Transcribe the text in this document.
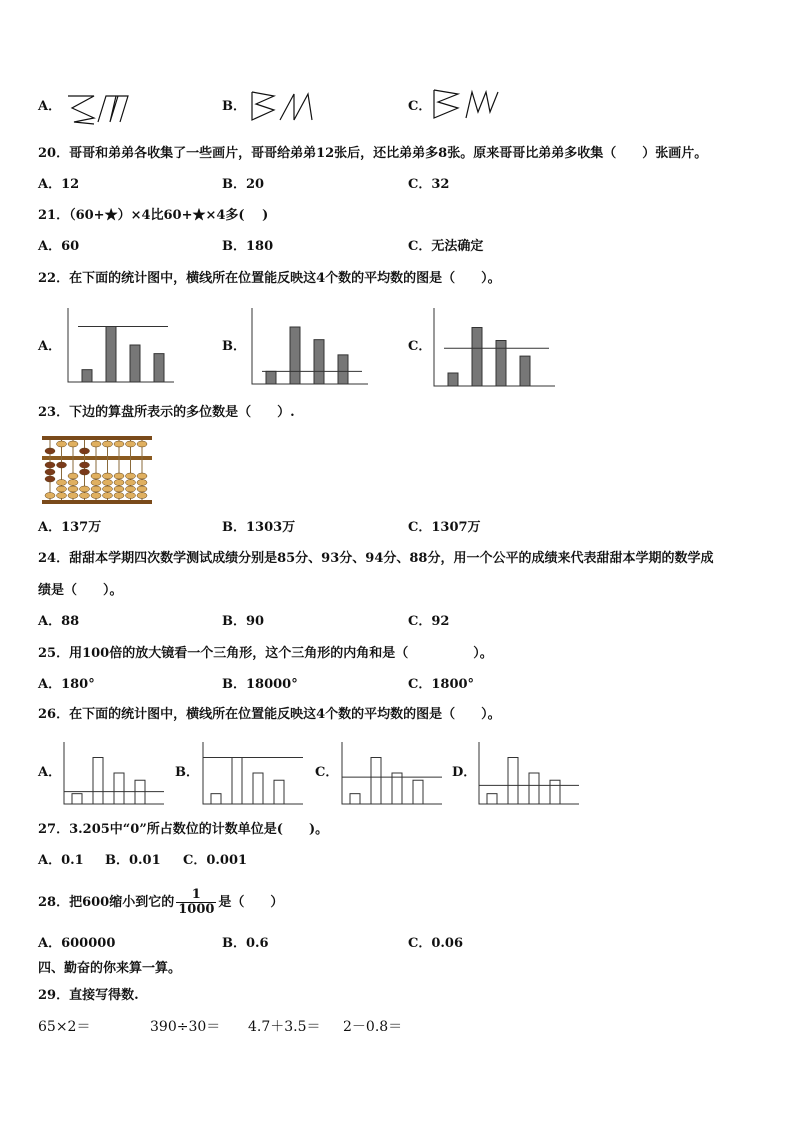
A．	B．	C．
20．哥哥和弟弟各收集了一些画片，哥哥给弟弟12张后，还比弟弟多8张。原来哥哥比弟弟多收集（　　）张画片。
A．12	B．20	C．32
21．（60+★）×4比60+★×4多(　 )
A．60	B．180	C．无法确定
22．在下面的统计图中，横线所在位置能反映这4个数的平均数的图是（　　）。
A．	B．	C．
23．下边的算盘所表示的多位数是（　　）.
A．137万	B．1303万	C．1307万
24．甜甜本学期四次数学测试成绩分别是85分、93分、94分、88分，用一个公平的成绩来代表甜甜本学期的数学成
绩是（　　）。
A．88	B．90	C．92
25．用100倍的放大镜看一个三角形，这个三角形的内角和是（　　　　　）。
A．180°	B．18000°	C．1800°
26．在下面的统计图中，横线所在位置能反映这4个数的平均数的图是（　　）。
A．	B．	C．	D．
27．3.205中“0”所占数位的计数单位是(　　)。
A．0.1 B．0.01 C．0.001
28．把600缩小到它的 $\frac{1}{1000}$ 是（　　）
A．600000	B．0.6	C．0.06
四、勤奋的你来算一算。
29．直接写得数.
65×2＝	390÷30＝ 4.7＋3.5＝ 2－0.8＝
